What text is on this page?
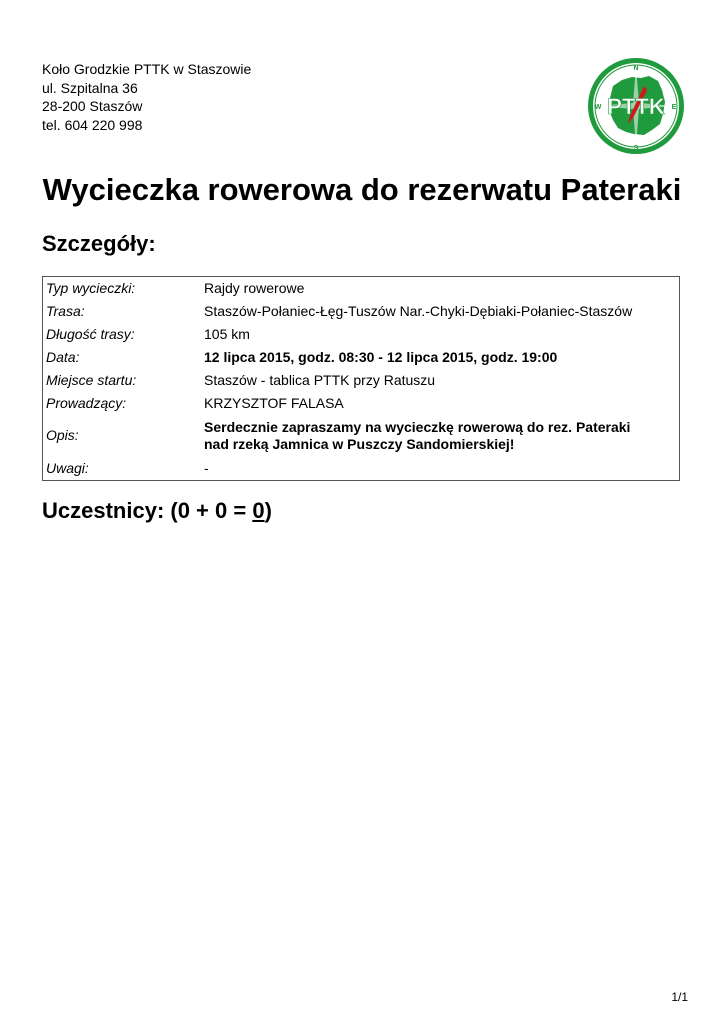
Koło Grodzkie PTTK w Staszowie
ul. Szpitalna 36
28-200 Staszów
tel. 604 220 998
N
E
S
W PTTK
Wycieczka rowerowa do rezerwatu Pateraki
Szczegóły:
Typ wycieczki:	Rajdy rowerowe
Trasa:	Staszów-Połaniec-Łęg-Tuszów Nar.-Chyki-Dębiaki-Połaniec-Staszów
Długość trasy:	105 km
Data:	12 lipca 2015, godz. 08:30 - 12 lipca 2015, godz. 19:00
Miejsce startu:	Staszów - tablica PTTK przy Ratuszu
Prowadzący:	KRZYSZTOF FALASA
Opis:	Serdecznie zapraszamy na wycieczkę rowerową do rez. Pateraki
nad rzeką Jamnica w Puszczy Sandomierskiej!

Uwagi:	-
Uczestnicy: (0 + 0 = 0)
1/1
